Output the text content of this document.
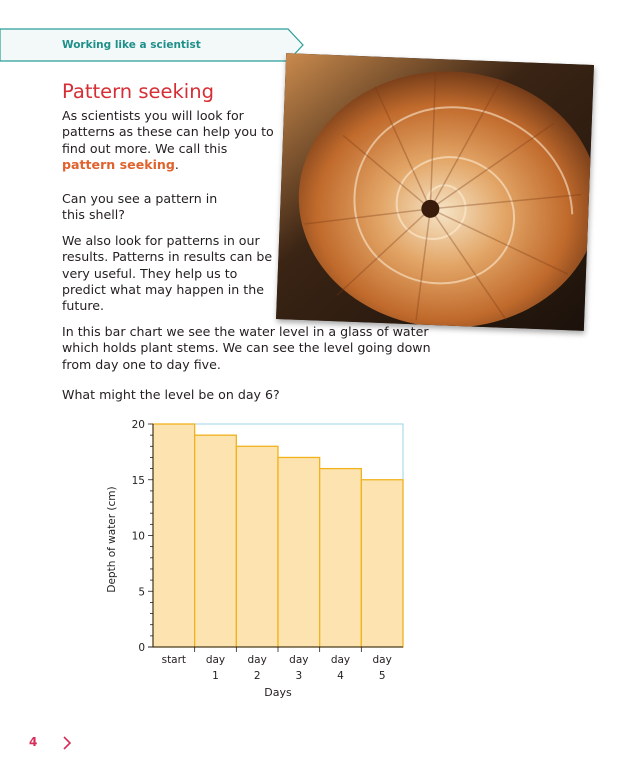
Working like a scientist
Pattern seeking

As scientists you will look for patterns as these can help you to find out more. We call this pattern seeking.

Can you see a pattern in this shell?

We also look for patterns in our results. Patterns in results can be very useful. They help us to predict what may happen in the future.

In this bar chart we see the water level in a glass of water which holds plant stems. We can see the level going down from day one to day five.

What might the level be on day 6?

0
5
10
15
20
start day 1
day 2
day 3
day 4
day 5
Days
Depth of water (cm)
4
